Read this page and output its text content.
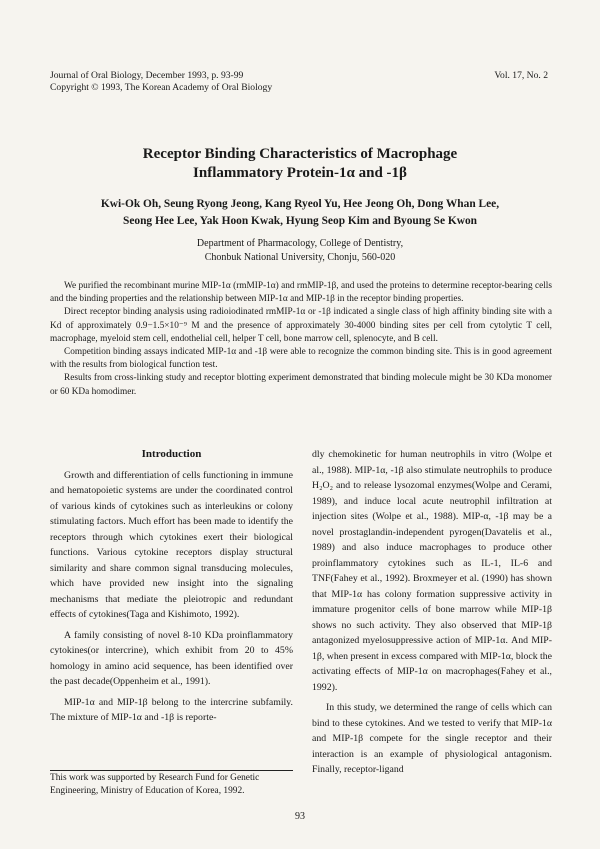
Journal of Oral Biology, December 1993, p. 93-99
Copyright © 1993, The Korean Academy of Oral Biology
Vol. 17, No. 2
Receptor Binding Characteristics of Macrophage
Inflammatory Protein-1α and -1β
Kwi-Ok Oh, Seung Ryong Jeong, Kang Ryeol Yu, Hee Jeong Oh, Dong Whan Lee,
Seong Hee Lee, Yak Hoon Kwak, Hyung Seop Kim and Byoung Se Kwon
Department of Pharmacology, College of Dentistry,
Chonbuk National University, Chonju, 560-020

We purified the recombinant murine MIP-1α (rmMIP-1α) and rmMIP-1β, and used the proteins to determine receptor-bearing cells and the binding properties and the relationship between MIP-1α and MIP-1β in the receptor binding properties.

Direct receptor binding analysis using radioiodinated rmMIP-1α or -1β indicated a single class of high affinity binding site with a Kd of approximately 0.9−1.5×10⁻⁹ M and the presence of approximately 30-4000 binding sites per cell from cytolytic T cell, macrophage, myeloid stem cell, endothelial cell, helper T cell, bone marrow cell, splenocyte, and B cell.

Competition binding assays indicated MIP-1α and -1β were able to recognize the common binding site. This is in good agreement with the results from biological function test.

Results from cross-linking study and receptor blotting experiment demonstrated that binding molecule might be 30 KDa monomer or 60 KDa homodimer.

Introduction

Growth and differentiation of cells functioning in immune and hematopoietic systems are under the coordinated control of various kinds of cytokines such as interleukins or colony stimulating factors. Much effort has been made to identify the receptors through which cytokines exert their biological functions. Various cytokine receptors display structural similarity and share common signal transducing molecules, which have provided new insight into the signaling mechanisms that mediate the pleiotropic and redundant effects of cytokines(Taga and Kishimoto, 1992).

A family consisting of novel 8-10 KDa proinflammatory cytokines(or intercrine), which exhibit from 20 to 45% homology in amino acid sequence, has been identified over the past decade(Oppenheim et al., 1991).

MIP-1α and MIP-1β belong to the intercrine subfamily. The mixture of MIP-1α and -1β is reporte-

dly chemokinetic for human neutrophils in vitro (Wolpe et al., 1988). MIP-1α, -1β also stimulate neutrophils to produce H₂O₂ and to release lysozomal enzymes(Wolpe and Cerami, 1989), and induce local acute neutrophil infiltration at injection sites (Wolpe et al., 1988). MIP-α, -1β may be a novel prostaglandin-independent pyrogen(Davatelis et al., 1989) and also induce macrophages to produce other proinflammatory cytokines such as IL-1, IL-6 and TNF(Fahey et al., 1992). Broxmeyer et al. (1990) has shown that MIP-1α has colony formation suppressive activity in immature progenitor cells of bone marrow while MIP-1β shows no such activity. They also observed that MIP-1β antagonized myelosuppressive action of MIP-1α. And MIP-1β, when present in excess compared with MIP-1α, block the activating effects of MIP-1α on macrophages(Fahey et al., 1992).

In this study, we determined the range of cells which can bind to these cytokines. And we tested to verify that MIP-1α and MIP-1β compete for the single receptor and their interaction is an example of physiological antagonism. Finally, receptor-ligand

This work was supported by Research Fund for Genetic Engineering, Ministry of Education of Korea, 1992.
93
